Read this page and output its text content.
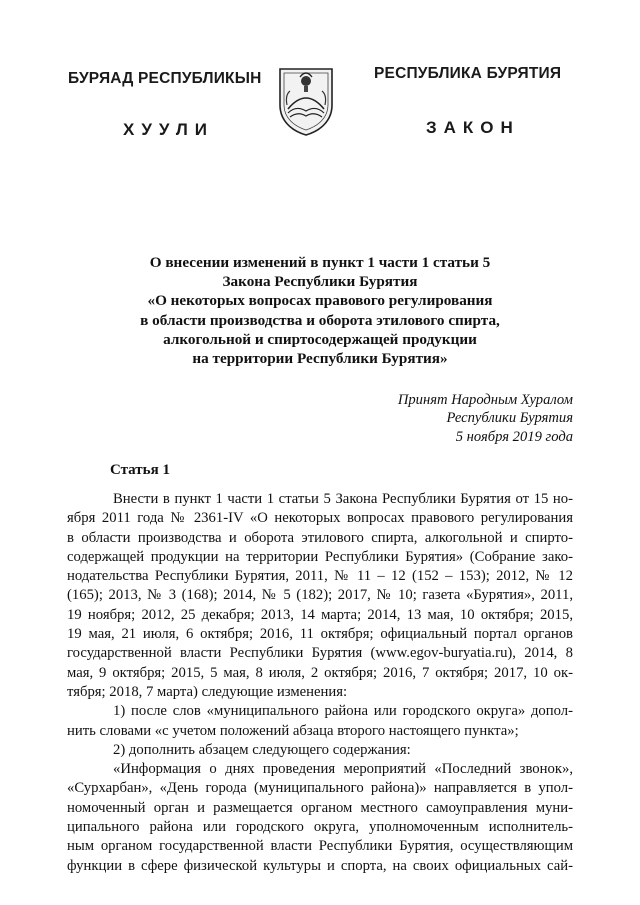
БУРЯАД РЕСПУБЛИКЫН	РЕСПУБЛИКА БУРЯТИЯ
ХУУЛИ	ЗАКОН
О внесении изменений в пункт 1 части 1 статьи 5
Закона Республики Бурятия
«О некоторых вопросах правового регулирования
в области производства и оборота этилового спирта,
алкогольной и спиртосодержащей продукции
на территории Республики Бурятия»
Принят Народным Хуралом
Республики Бурятия
5 ноября 2019 года
Статья 1
Внести в пункт 1 части 1 статьи 5 Закона Республики Бурятия от 15 но-
ября 2011 года № 2361-IV «О некоторых вопросах правового регулирования
в области производства и оборота этилового спирта, алкогольной и спирто-
содержащей продукции на территории Республики Бурятия» (Собрание зако-
нодательства Республики Бурятия, 2011, № 11 – 12 (152 – 153); 2012, № 12
(165); 2013, № 3 (168); 2014, № 5 (182); 2017, № 10; газета «Бурятия», 2011,
19 ноября; 2012, 25 декабря; 2013, 14 марта; 2014, 13 мая, 10 октября; 2015,
19 мая, 21 июля, 6 октября; 2016, 11 октября; официальный портал органов
государственной власти Республики Бурятия (www.egov-buryatia.ru), 2014, 8
мая, 9 октября; 2015, 5 мая, 8 июля, 2 октября; 2016, 7 октября; 2017, 10 ок-
тября; 2018, 7 марта) следующие изменения:
1) после слов «муниципального района или городского округа» допол-
нить словами «с учетом положений абзаца второго настоящего пункта»;
2) дополнить абзацем следующего содержания:
«Информация о днях проведения мероприятий «Последний звонок»,
«Сурхарбан», «День города (муниципального района)» направляется в упол-
номоченный орган и размещается органом местного самоуправления муни-
ципального района или городского округа, уполномоченным исполнитель-
ным органом государственной власти Республики Бурятия, осуществляющим
функции в сфере физической культуры и спорта, на своих официальных сай-
